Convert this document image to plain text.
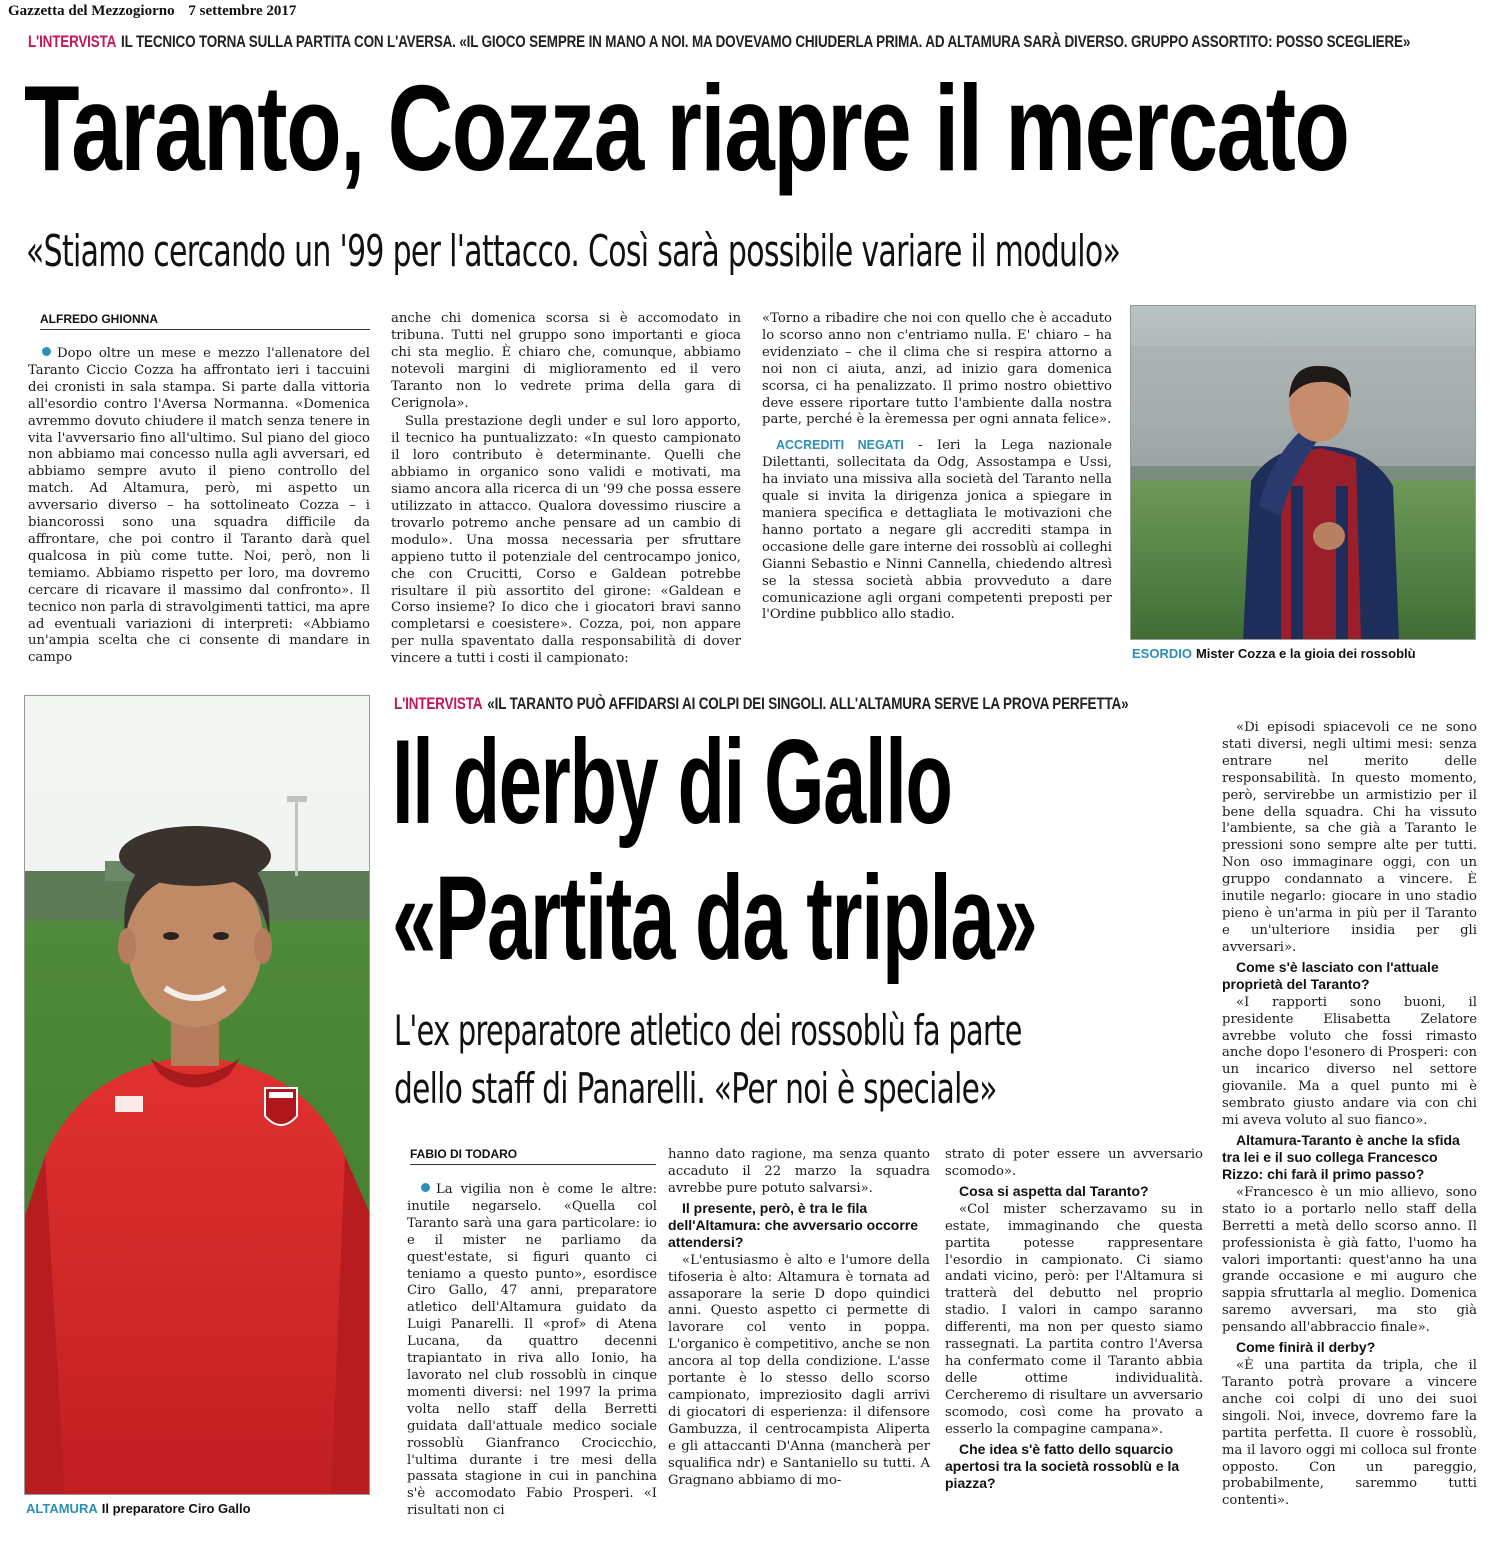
Gazzetta del Mezzogiorno 7 settembre 2017
L'INTERVISTA IL TECNICO TORNA SULLA PARTITA CON L'AVERSA. «IL GIOCO SEMPRE IN MANO A NOI. MA DOVEVAMO CHIUDERLA PRIMA. AD ALTAMURA SARÀ DIVERSO. GRUPPO ASSORTITO: POSSO SCEGLIERE»
Taranto, Cozza riapre il mercato
«Stiamo cercando un '99 per l'attacco. Così sarà possibile variare il modulo»
ALFREDO GHIONNA

Dopo oltre un mese e mezzo l'allenatore del Taranto Ciccio Cozza ha affrontato ieri i taccuini dei cronisti in sala stampa. Si parte dalla vittoria all'esordio contro l'Aversa Normanna. «Domenica avremmo dovuto chiudere il match senza tenere in vita l'avversario fino all'ultimo. Sul piano del gioco non abbiamo mai concesso nulla agli avversari, ed abbiamo sempre avuto il pieno controllo del match. Ad Altamura, però, mi aspetto un avversario diverso – ha sottolineato Cozza – i biancorossi sono una squadra difficile da affrontare, che poi contro il Taranto darà quel qualcosa in più come tutte. Noi, però, non li temiamo. Abbiamo rispetto per loro, ma dovremo cercare di ricavare il massimo dal confronto». Il tecnico non parla di stravolgimenti tattici, ma apre ad eventuali variazioni di interpreti: «Abbiamo un'ampia scelta che ci consente di mandare in campo

anche chi domenica scorsa si è accomodato in tribuna. Tutti nel gruppo sono importanti e gioca chi sta meglio. È chiaro che, comunque, abbiamo notevoli margini di miglioramento ed il vero Taranto non lo vedrete prima della gara di Cerignola».

Sulla prestazione degli under e sul loro apporto, il tecnico ha puntualizzato: «In questo campionato il loro contributo è determinante. Quelli che abbiamo in organico sono validi e motivati, ma siamo ancora alla ricerca di un '99 che possa essere utilizzato in attacco. Qualora dovessimo riuscire a trovarlo potremo anche pensare ad un cambio di modulo». Una mossa necessaria per sfruttare appieno tutto il potenziale del centrocampo jonico, che con Crucitti, Corso e Galdean potrebbe risultare il più assortito del girone: «Galdean e Corso insieme? Io dico che i giocatori bravi sanno completarsi e coesistere». Cozza, poi, non appare per nulla spaventato dalla responsabilità di dover vincere a tutti i costi il campionato:

«Torno a ribadire che noi con quello che è accaduto lo scorso anno non c'entriamo nulla. E' chiaro – ha evidenziato – che il clima che si respira attorno a noi non ci aiuta, anzi, ad inizio gara domenica scorsa, ci ha penalizzato. Il primo nostro obiettivo deve essere riportare tutto l'ambiente dalla nostra parte, perché è la èremessa per ogni annata felice».

ACCREDITI NEGATI - Ieri la Lega nazionale Dilettanti, sollecitata da Odg, Assostampa e Ussi, ha inviato una missiva alla società del Taranto nella quale si invita la dirigenza jonica a spiegare in maniera specifica e dettagliata le motivazioni che hanno portato a negare gli accrediti stampa in occasione delle gare interne dei rossoblù ai colleghi Gianni Sebastio e Ninni Cannella, chiedendo altresì se la stessa società abbia provveduto a dare comunicazione agli organi competenti preposti per l'Ordine pubblico allo stadio.

ESORDIO Mister Cozza e la gioia dei rossoblù
ALTAMURA Il preparatore Ciro Gallo
L'INTERVISTA «IL TARANTO PUÒ AFFIDARSI AI COLPI DEI SINGOLI. ALL'ALTAMURA SERVE LA PROVA PERFETTA»
Il derby di Gallo
«Partita da tripla»
L'ex preparatore atletico dei rossoblù fa parte
dello staff di Panarelli. «Per noi è speciale»
FABIO DI TODARO

La vigilia non è come le altre: inutile negarselo. «Quella col Taranto sarà una gara particolare: io e il mister ne parliamo da quest'estate, si figuri quanto ci teniamo a questo punto», esordisce Ciro Gallo, 47 anni, preparatore atletico dell'Altamura guidato da Luigi Panarelli. Il «prof» di Atena Lucana, da quattro decenni trapiantato in riva allo Ionio, ha lavorato nel club rossoblù in cinque momenti diversi: nel 1997 la prima volta nello staff della Berretti guidata dall'attuale medico sociale rossoblù Gianfranco Crocicchio, l'ultima durante i tre mesi della passata stagione in cui in panchina s'è accomodato Fabio Prosperi. «I risultati non ci

hanno dato ragione, ma senza quanto accaduto il 22 marzo la squadra avrebbe pure potuto salvarsi».

Il presente, però, è tra le fila dell'Altamura: che avversario occorre attendersi?

«L'entusiasmo è alto e l'umore della tifoseria è alto: Altamura è tornata ad assaporare la serie D dopo quindici anni. Questo aspetto ci permette di lavorare col vento in poppa. L'organico è competitivo, anche se non ancora al top della condizione. L'asse portante è lo stesso dello scorso campionato, impreziosito dagli arrivi di giocatori di esperienza: il difensore Gambuzza, il centrocampista Aliperta e gli attaccanti D'Anna (mancherà per squalifica ndr) e Santaniello su tutti. A Gragnano abbiamo di mo-

strato di poter essere un avversario scomodo».

Cosa si aspetta dal Taranto?

«Col mister scherzavamo su in estate, immaginando che questa partita potesse rappresentare l'esordio in campionato. Ci siamo andati vicino, però: per l'Altamura si tratterà del debutto nel proprio stadio. I valori in campo saranno differenti, ma non per questo siamo rassegnati. La partita contro l'Aversa ha confermato come il Taranto abbia delle ottime individualità. Cercheremo di risultare un avversario scomodo, così come ha provato a esserlo la compagine campana».

Che idea s'è fatto dello squarcio apertosi tra la società rossoblù e la piazza?

«Di episodi spiacevoli ce ne sono stati diversi, negli ultimi mesi: senza entrare nel merito delle responsabilità. In questo momento, però, servirebbe un armistizio per il bene della squadra. Chi ha vissuto l'ambiente, sa che già a Taranto le pressioni sono sempre alte per tutti. Non oso immaginare oggi, con un gruppo condannato a vincere. È inutile negarlo: giocare in uno stadio pieno è un'arma in più per il Taranto e un'ulteriore insidia per gli avversari».

Come s'è lasciato con l'attuale proprietà del Taranto?

«I rapporti sono buoni, il presidente Elisabetta Zelatore avrebbe voluto che fossi rimasto anche dopo l'esonero di Prosperi: con un incarico diverso nel settore giovanile. Ma a quel punto mi è sembrato giusto andare via con chi mi aveva voluto al suo fianco».

Altamura-Taranto è anche la sfida tra lei e il suo collega Francesco Rizzo: chi farà il primo passo?

«Francesco è un mio allievo, sono stato io a portarlo nello staff della Berretti a metà dello scorso anno. Il professionista è già fatto, l'uomo ha valori importanti: quest'anno ha una grande occasione e mi auguro che sappia sfruttarla al meglio. Domenica saremo avversari, ma sto già pensando all'abbraccio finale».

Come finirà il derby?

«È una partita da tripla, che il Taranto potrà provare a vincere anche coi colpi di uno dei suoi singoli. Noi, invece, dovremo fare la partita perfetta. Il cuore è rossoblù, ma il lavoro oggi mi colloca sul fronte opposto. Con un pareggio, probabilmente, saremmo tutti contenti».
